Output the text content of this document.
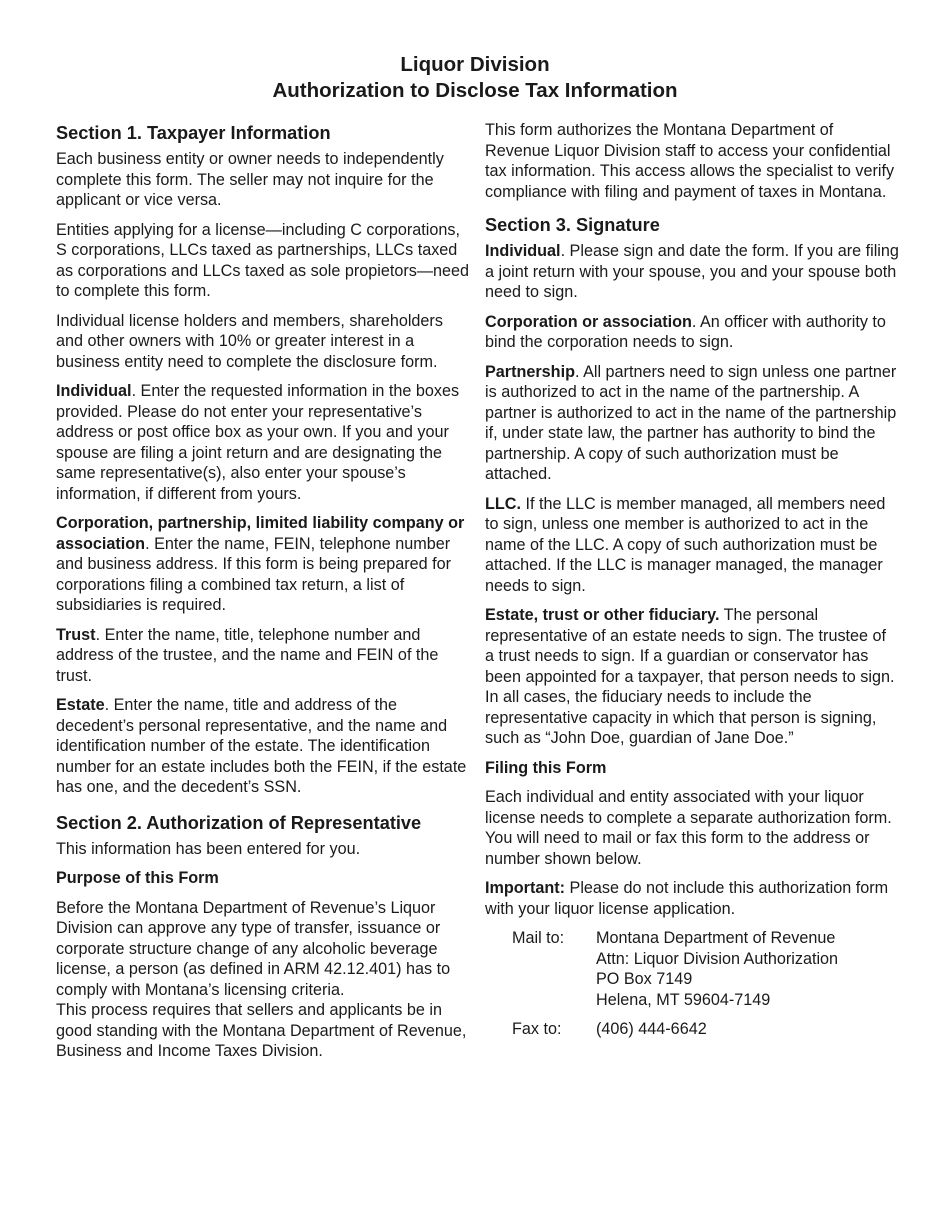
Liquor Division
Authorization to Disclose Tax Information
Section 1. Taxpayer Information

Each business entity or owner needs to independently complete this form. The seller may not inquire for the applicant or vice versa.

Entities applying for a license—including C corporations, S corporations, LLCs taxed as partnerships, LLCs taxed as corporations and LLCs taxed as sole propietors—need to complete this form.

Individual license holders and members, shareholders and other owners with 10% or greater interest in a business entity need to complete the disclosure form.

Individual. Enter the requested information in the boxes provided. Please do not enter your representative’s address or post office box as your own. If you and your spouse are filing a joint return and are designating the same representative(s), also enter your spouse’s information, if different from yours.

Corporation, partnership, limited liability company or association. Enter the name, FEIN, telephone number and business address. If this form is being prepared for corporations filing a combined tax return, a list of subsidiaries is required.

Trust. Enter the name, title, telephone number and address of the trustee, and the name and FEIN of the trust.

Estate. Enter the name, title and address of the decedent’s personal representative, and the name and identification number of the estate. The identification number for an estate includes both the FEIN, if the estate has one, and the decedent’s SSN.

Section 2. Authorization of Representative

This information has been entered for you.

Purpose of this Form

Before the Montana Department of Revenue’s Liquor Division can approve any type of transfer, issuance or corporate structure change of any alcoholic beverage license, a person (as defined in ARM 42.12.401) has to comply with Montana’s licensing criteria.
This process requires that sellers and applicants be in good standing with the Montana Department of Revenue, Business and Income Taxes Division.

This form authorizes the Montana Department of Revenue Liquor Division staff to access your confidential tax information. This access allows the specialist to verify compliance with filing and payment of taxes in Montana.

Section 3. Signature

Individual. Please sign and date the form. If you are filing a joint return with your spouse, you and your spouse both need to sign.

Corporation or association. An officer with authority to bind the corporation needs to sign.

Partnership. All partners need to sign unless one partner is authorized to act in the name of the partnership. A partner is authorized to act in the name of the partnership if, under state law, the partner has authority to bind the partnership. A copy of such authorization must be attached.

LLC. If the LLC is member managed, all members need to sign, unless one member is authorized to act in the name of the LLC. A copy of such authorization must be attached. If the LLC is manager managed, the manager needs to sign.

Estate, trust or other fiduciary. The personal representative of an estate needs to sign. The trustee of a trust needs to sign. If a guardian or conservator has been appointed for a taxpayer, that person needs to sign. In all cases, the fiduciary needs to include the representative capacity in which that person is signing, such as “John Doe, guardian of Jane Doe.”

Filing this Form

Each individual and entity associated with your liquor license needs to complete a separate authorization form. You will need to mail or fax this form to the address or number shown below.

Important: Please do not include this authorization form with your liquor license application.

Mail to:	Montana Department of Revenue
Attn: Liquor Division Authorization
PO Box 7149
Helena, MT 59604-7149
Fax to:	(406) 444-6642
